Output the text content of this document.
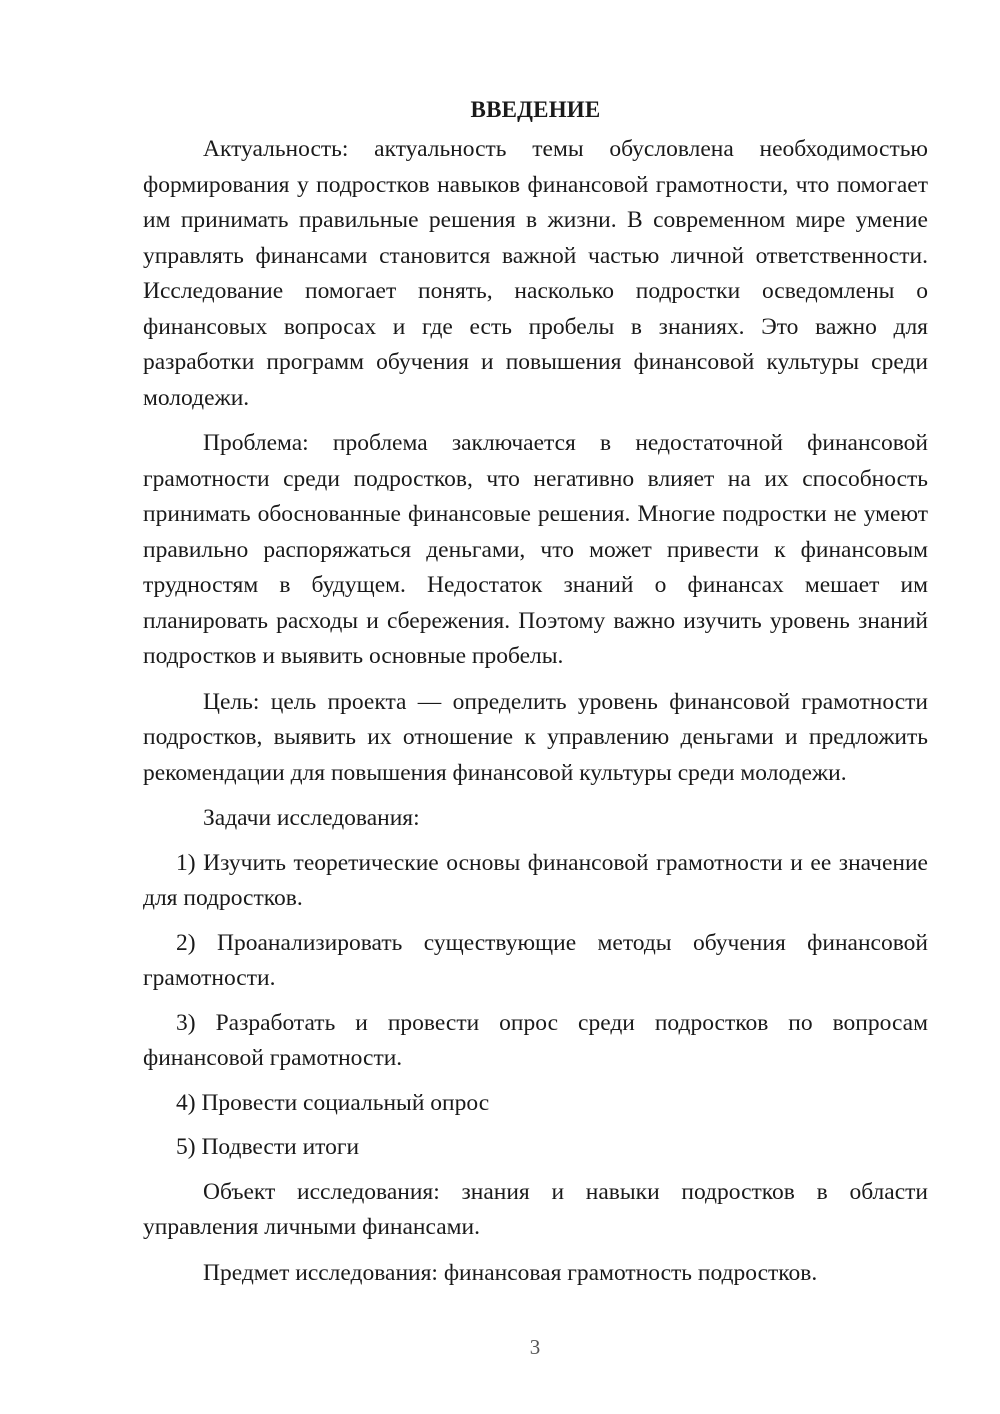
ВВЕДЕНИЕ

Актуальность: актуальность темы обусловлена необходимостью формирования у подростков навыков финансовой грамотности, что помогает им принимать правильные решения в жизни. В современном мире умение управлять финансами становится важной частью личной ответственности. Исследование помогает понять, насколько подростки осведомлены о финансовых вопросах и где есть пробелы в знаниях. Это важно для разработки программ обучения и повышения финансовой культуры среди молодежи.

Проблема: проблема заключается в недостаточной финансовой грамотности среди подростков, что негативно влияет на их способность принимать обоснованные финансовые решения. Многие подростки не умеют правильно распоряжаться деньгами, что может привести к финансовым трудностям в будущем. Недостаток знаний о финансах мешает им планировать расходы и сбережения. Поэтому важно изучить уровень знаний подростков и выявить основные пробелы.

Цель: цель проекта — определить уровень финансовой грамотности подростков, выявить их отношение к управлению деньгами и предложить рекомендации для повышения финансовой культуры среди молодежи.

Задачи исследования:

1) Изучить теоретические основы финансовой грамотности и ее значение для подростков.

2) Проанализировать существующие методы обучения финансовой грамотности.

3) Разработать и провести опрос среди подростков по вопросам финансовой грамотности.

4) Провести социальный опрос

5) Подвести итоги

Объект исследования: знания и навыки подростков в области управления личными финансами.

Предмет исследования: финансовая грамотность подростков.

3
